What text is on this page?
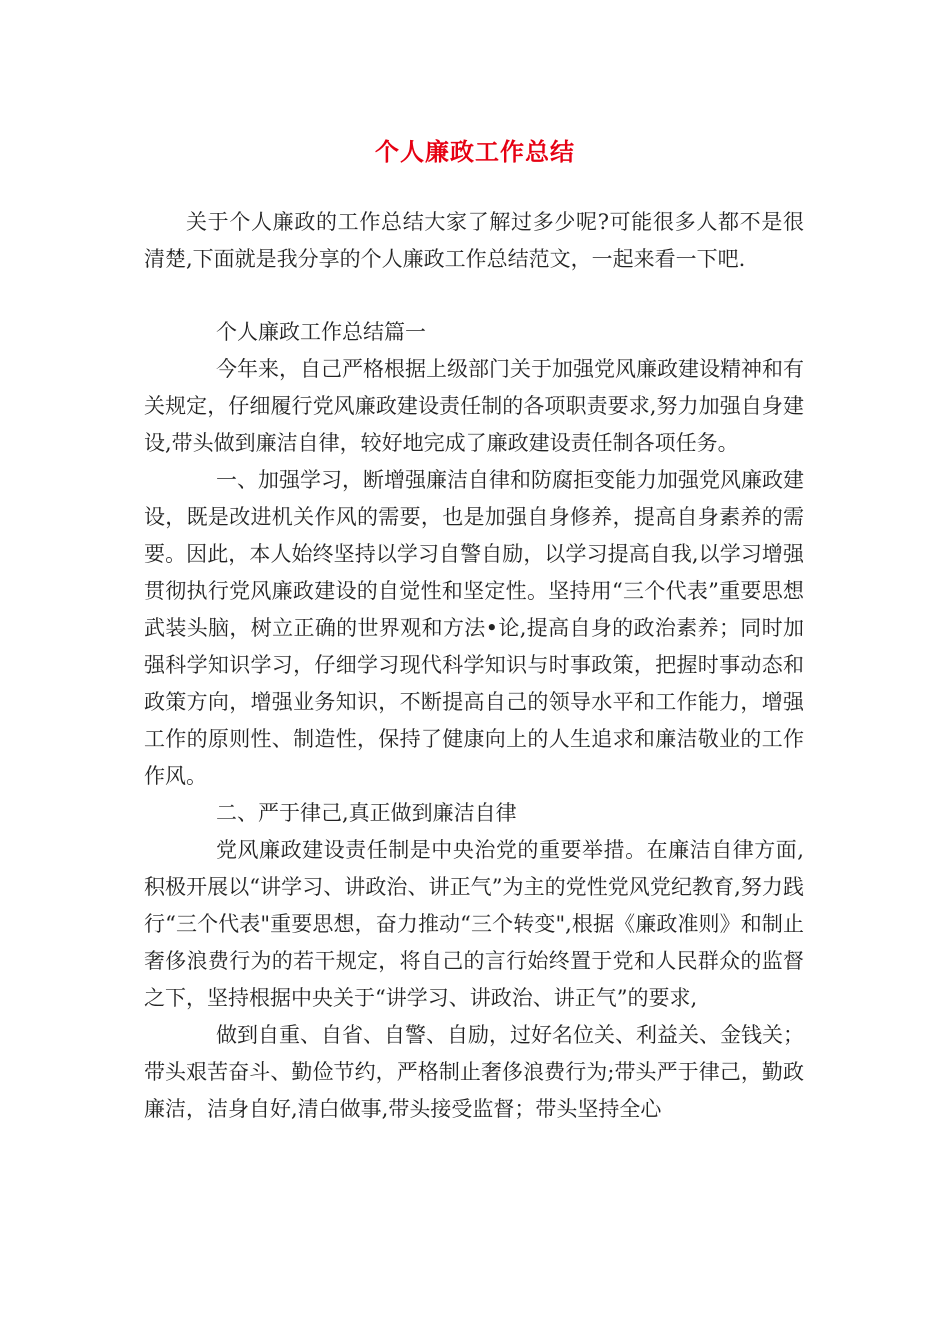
个人廉政工作总结
关于个人廉政的工作总结大家了解过多少呢?可能很多人都不是很清楚,下面就是我分享的个人廉政工作总结范文，一起来看一下吧.

个人廉政工作总结篇一

今年来，自己严格根据上级部门关于加强党风廉政建设精神和有关规定，仔细履行党风廉政建设责任制的各项职责要求,努力加强自身建设,带头做到廉洁自律，较好地完成了廉政建设责任制各项任务。

一、加强学习，断增强廉洁自律和防腐拒变能力加强党风廉政建设，既是改进机关作风的需要，也是加强自身修养，提高自身素养的需要。因此，本人始终坚持以学习自警自励，以学习提高自我,以学习增强贯彻执行党风廉政建设的自觉性和坚定性。坚持用“三个代表”重要思想武装头脑，树立正确的世界观和方法•论,提高自身的政治素养；同时加强科学知识学习，仔细学习现代科学知识与时事政策，把握时事动态和政策方向，增强业务知识，不断提高自己的领导水平和工作能力，增强工作的原则性、制造性，保持了健康向上的人生追求和廉洁敬业的工作作风。

二、严于律己,真正做到廉洁自律

党风廉政建设责任制是中央治党的重要举措。在廉洁自律方面,积极开展以“讲学习、讲政治、讲正气”为主的党性党风党纪教育,努力践行“三个代表"重要思想，奋力推动“三个转变",根据《廉政准则》和制止奢侈浪费行为的若干规定，将自己的言行始终置于党和人民群众的监督之下，坚持根据中央关于“讲学习、讲政治、讲正气”的要求,

做到自重、自省、自警、自励，过好名位关、利益关、金钱关；带头艰苦奋斗、勤俭节约，严格制止奢侈浪费行为;带头严于律己，勤政廉洁，洁身自好,清白做事,带头接受监督；带头坚持全心
